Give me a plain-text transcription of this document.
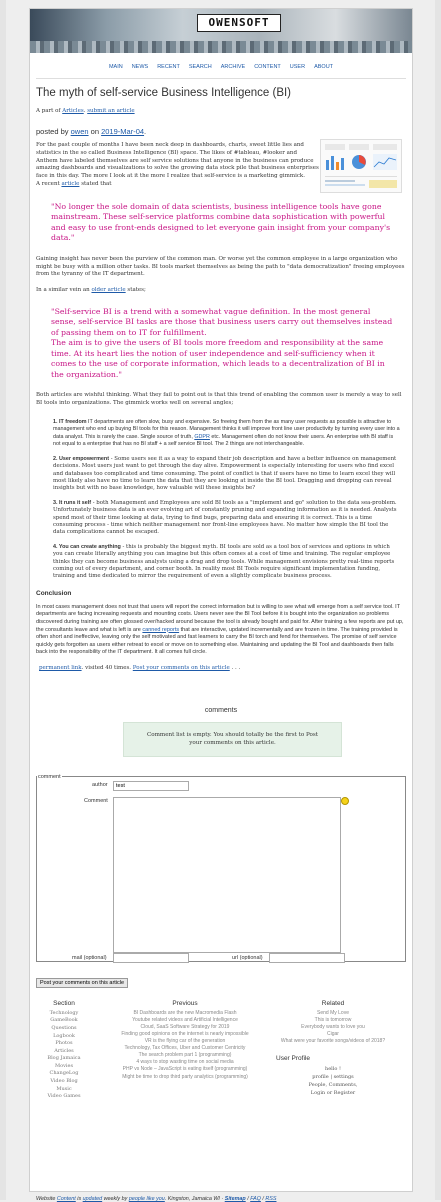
OWENSOFT
MAIN NEWS RECENT SEARCH ARCHIVE CONTENT USER ABOUT
The myth of self-service Business Intelligence (BI)
A part of Articles. submit an article
posted by owen on 2019-Mar-04.
For the past couple of months I have been neck deep in dashboards, charts, sweet little lies and statistics in the so called Business Intelligence (BI) space. The likes of #tableau, #looker and Anthem have labeled themselves are self service solutions that anyone in the business can produce amazing dashboards and visualizations to solve the growing data stock pile that business enterprises face in this day. The more I look at it the more I realize that self-service is a marketing gimmick.
A recent article stated that
"No longer the sole domain of data scientists, business intelligence tools have gone mainstream. These self-service platforms combine data sophistication with powerful and easy to use front-ends designed to let everyone gain insight from your company's data."
Gaining insight has never been the purview of the common man. Or worse yet the common employee in a large organization who might be busy with a million other tasks. BI tools market themselves as being the path to "data democratization" freeing employees from the tyranny of the IT department.
In a similar vein an older article states;
"Self-service BI is a trend with a somewhat vague definition. In the most general sense, self-service BI tasks are those that business users carry out themselves instead of passing them on to IT for fulfillment.
The aim is to give the users of BI tools more freedom and responsibility at the same time. At its heart lies the notion of user independence and self-sufficiency when it comes to the use of corporate information, which leads to a decentralization of BI in the organization."
Both articles are wishful thinking. What they fail to point out is that this trend of enabling the common user is merely a way to sell BI tools into organizations. The gimmick works well on several angles;
1. IT freedom IT departments are often slow, busy and expensive. So freeing them from the as many user requests as possible is attractive to management who end up buying BI tools for this reason. Management thinks it will improve front line user productivity by turning every user into a data analyst. This is rarely the case. Single source of truth, GDPR etc. Management often do not know their users. An enterprise with BI staff is not equal to a enterprise that has no BI staff + a self service BI tool. The 2 things are not interchangeable.
2. User empowerment - Some users see it as a way to expand their job description and have a better influence on management decisions. Most users just want to get through the day alive. Empowerment is especially interesting for users who find excel and databases too complicated and time consuming. The point of conflict is that if users have no time to learn excel they will most likely also have no time to learn the data that they are looking at inside the BI tool. Dragging and dropping can reveal insights but with no base knowledge, how valuable will these insights be?
3. It runs it self - both Management and Employees are sold BI tools as a "implement and go" solution to the data sea-problem. Unfortunately business data is an ever evolving art of constantly pruning and expanding information as it is needed. Analysts spend most of their time looking at data, trying to find bugs, preparing data and ensuring it is correct. This is a time consuming process - time which neither management nor front-line employees have. No matter how simple the BI tool the data complications cannot be escaped.
4. You can create anything - this is probably the biggest myth. BI tools are sold as a tool box of services and options in which you can create literally anything you can imagine but this often comes at a cost of time and training. The regular employee thinks they can become business analysts using a drag and drop tools. While management envisions pretty real-time reports coming out of every department, and corner booth. In reality most BI Tools require significant implementation funding, training and time dedicated to mirror the requirement of even a slightly complicate business process.
Conclusion
In most cases management does not trust that users will report the correct information but is willing to see what will emerge from a self service tool. IT departments are facing increasing requests and mounting costs. Users never see the BI Tool before it is bought into the organization so problems discovered during training are often glossed over/hacked around because the tool is already bought and paid for. After training a few reports are put up, the consultants leave and what is left is are canned reports that are interactive, updated incrementally and are frozen in time. The training provided is often short and ineffective, leaving only the self motivated and fast learners to carry the BI torch and fend for themselves. The promise of self service quickly gets forgotten as users either retreat to excel or move on to something else. Maintaining and updating the BI Tool and dashboards then falls back into the responsibility of the IT department. It all comes full circle.
permanent link. visited 40 times. Post your comments on this article . . .
comments
Comment list is empty. You should totally be the first to Post your comments on this article.
comment
author
test
Comment
mail (optional)	url (optional)
Post your comments on this article
Section
Technology
GameBook
Questions
Logbook
Photos
Articles
Blog Jamaica
Movies
ChangeLog
Video Blog
Music
Video Games
Previous
BI Dashboards are the new Macromedia Flash
Youtube related videos and Artificial Intelligence
Cloud, SaaS Software Strategy for 2019
Finding good opinions on the internet is nearly impossible
VR is the flying car of the generation
Technology, Tax Offices, Uber and Customer Centricity
The search problem part 1 (programming)
4 ways to stop wasting time on social media
PHP vs Node – JavaScript is eating itself (programming)
Might be time to drop third party analytics (programming)
Related
Send My Love
This is tomorrow
Everybody wants to love you
Cigar
What were your favorite songs/videos of 2018?
User Profile
hello !
profile | settings
People, Comments,
Login or Register
Website Content is updated weekly by people like you. Kingston, Jamaica WI · Sitemap / FAQ / RSS
